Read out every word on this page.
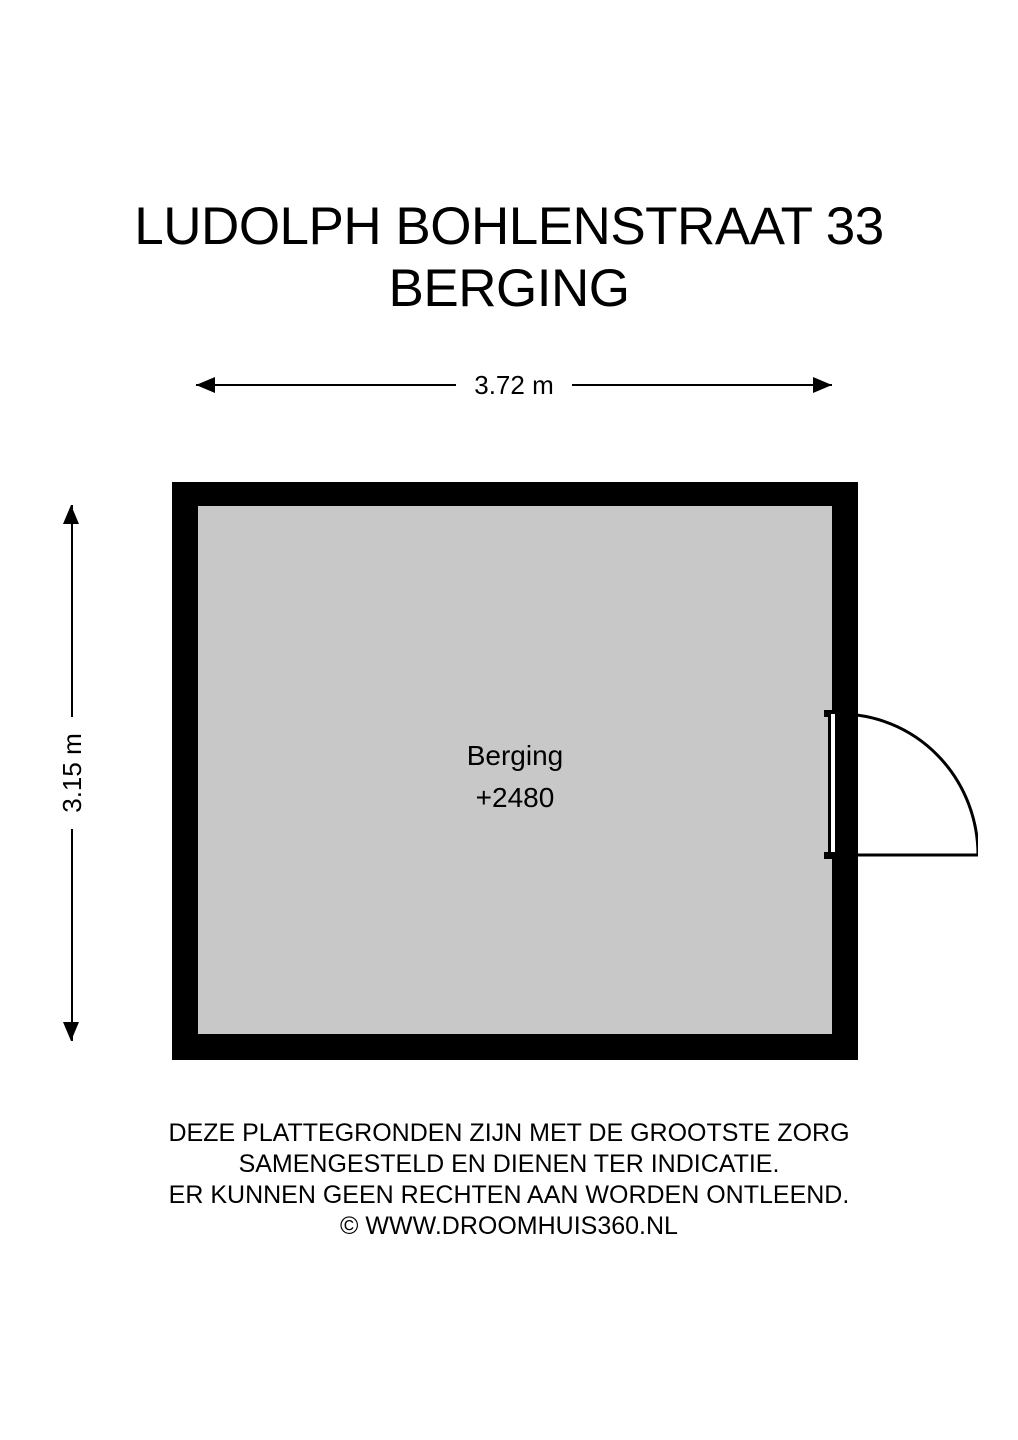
LUDOLPH BOHLENSTRAAT 33
BERGING
3.72 m
3.15 m	Berging
+2480
DEZE PLATTEGRONDEN ZIJN MET DE GROOTSTE ZORG
SAMENGESTELD EN DIENEN TER INDICATIE.
ER KUNNEN GEEN RECHTEN AAN WORDEN ONTLEEND.
© WWW.DROOMHUIS360.NL
